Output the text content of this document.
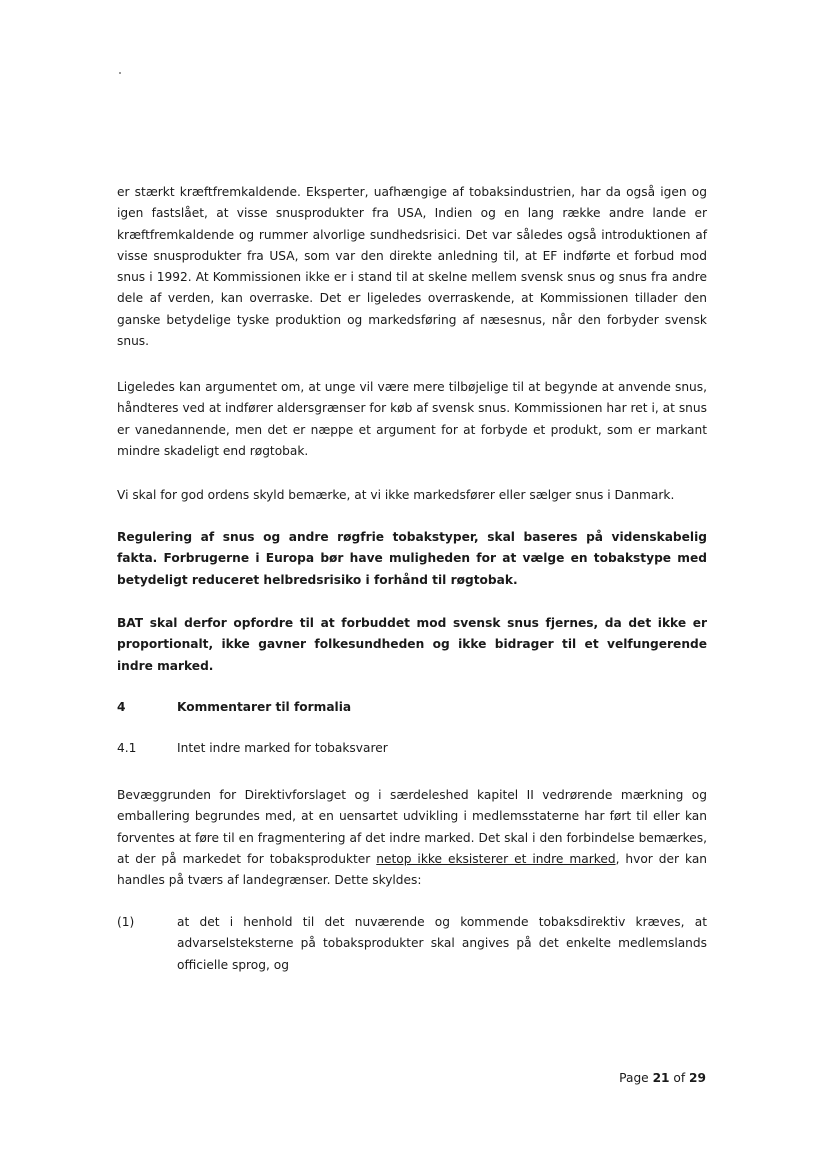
er stærkt kræftfremkaldende. Eksperter, uafhængige af tobaksindustrien, har da også igen og igen fastslået, at visse snusprodukter fra USA, Indien og en lang række andre lande er kræftfremkaldende og rummer alvorlige sundhedsrisici. Det var således også introduktionen af visse snusprodukter fra USA, som var den direkte anledning til, at EF indførte et forbud mod snus i 1992. At Kommissionen ikke er i stand til at skelne mellem svensk snus og snus fra andre dele af verden, kan overraske. Det er ligeledes overraskende, at Kommissionen tillader den ganske betydelige tyske produktion og markedsføring af næsesnus, når den forbyder svensk snus.

Ligeledes kan argumentet om, at unge vil være mere tilbøjelige til at begynde at anvende snus, håndteres ved at indfører aldersgrænser for køb af svensk snus. Kommissionen har ret i, at snus er vanedannende, men det er næppe et argument for at forbyde et produkt, som er markant mindre skadeligt end røgtobak.

Vi skal for god ordens skyld bemærke, at vi ikke markedsfører eller sælger snus i Danmark.

Regulering af snus og andre røgfrie tobakstyper, skal baseres på videnskabelig fakta. Forbrugerne i Europa bør have muligheden for at vælge en tobakstype med betydeligt reduceret helbredsrisiko i forhånd til røgtobak.

BAT skal derfor opfordre til at forbuddet mod svensk snus fjernes, da det ikke er proportionalt, ikke gavner folkesundheden og ikke bidrager til et velfungerende indre marked.

4	Kommentarer til formalia
4.1	Intet indre marked for tobaksvarer

Bevæggrunden for Direktivforslaget og i særdeleshed kapitel II vedrørende mærkning og emballering begrundes med, at en uensartet udvikling i medlemsstaterne har ført til eller kan forventes at føre til en fragmentering af det indre marked. Det skal i den forbindelse bemærkes, at der på markedet for tobaksprodukter netop ikke eksisterer et indre marked, hvor der kan handles på tværs af landegrænser. Dette skyldes:

(1)	at det i henhold til det nuværende og kommende tobaksdirektiv kræves, at advarselsteksterne på tobaksprodukter skal angives på det enkelte medlemslands officielle sprog, og
Page 21 of 29
